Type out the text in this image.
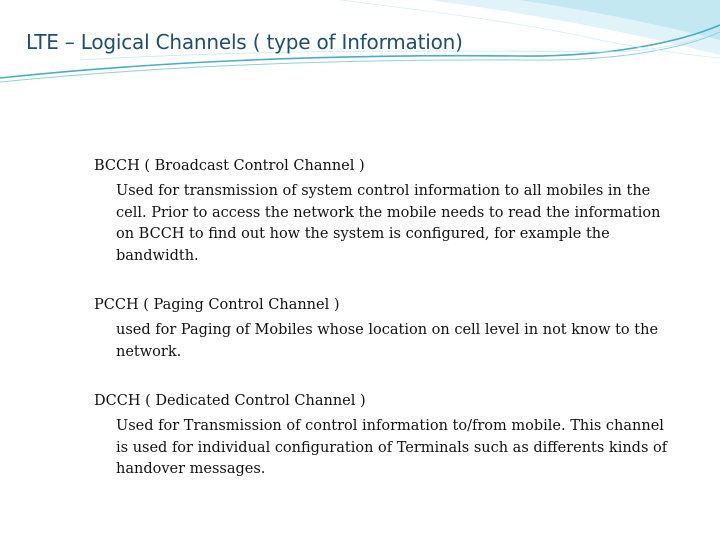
LTE – Logical Channels ( type of Information)
BCCH ( Broadcast Control Channel )
Used for transmission of system control information to all mobiles in the cell. Prior to access the network the mobile needs to read the information on BCCH to find out how the system is configured, for example the bandwidth.
PCCH ( Paging Control Channel )
used for Paging of Mobiles whose location on cell level in not know to the network.
DCCH ( Dedicated Control Channel )
Used for Transmission of control information to/from mobile. This channel is used for individual configuration of Terminals such as differents kinds of handover messages.
